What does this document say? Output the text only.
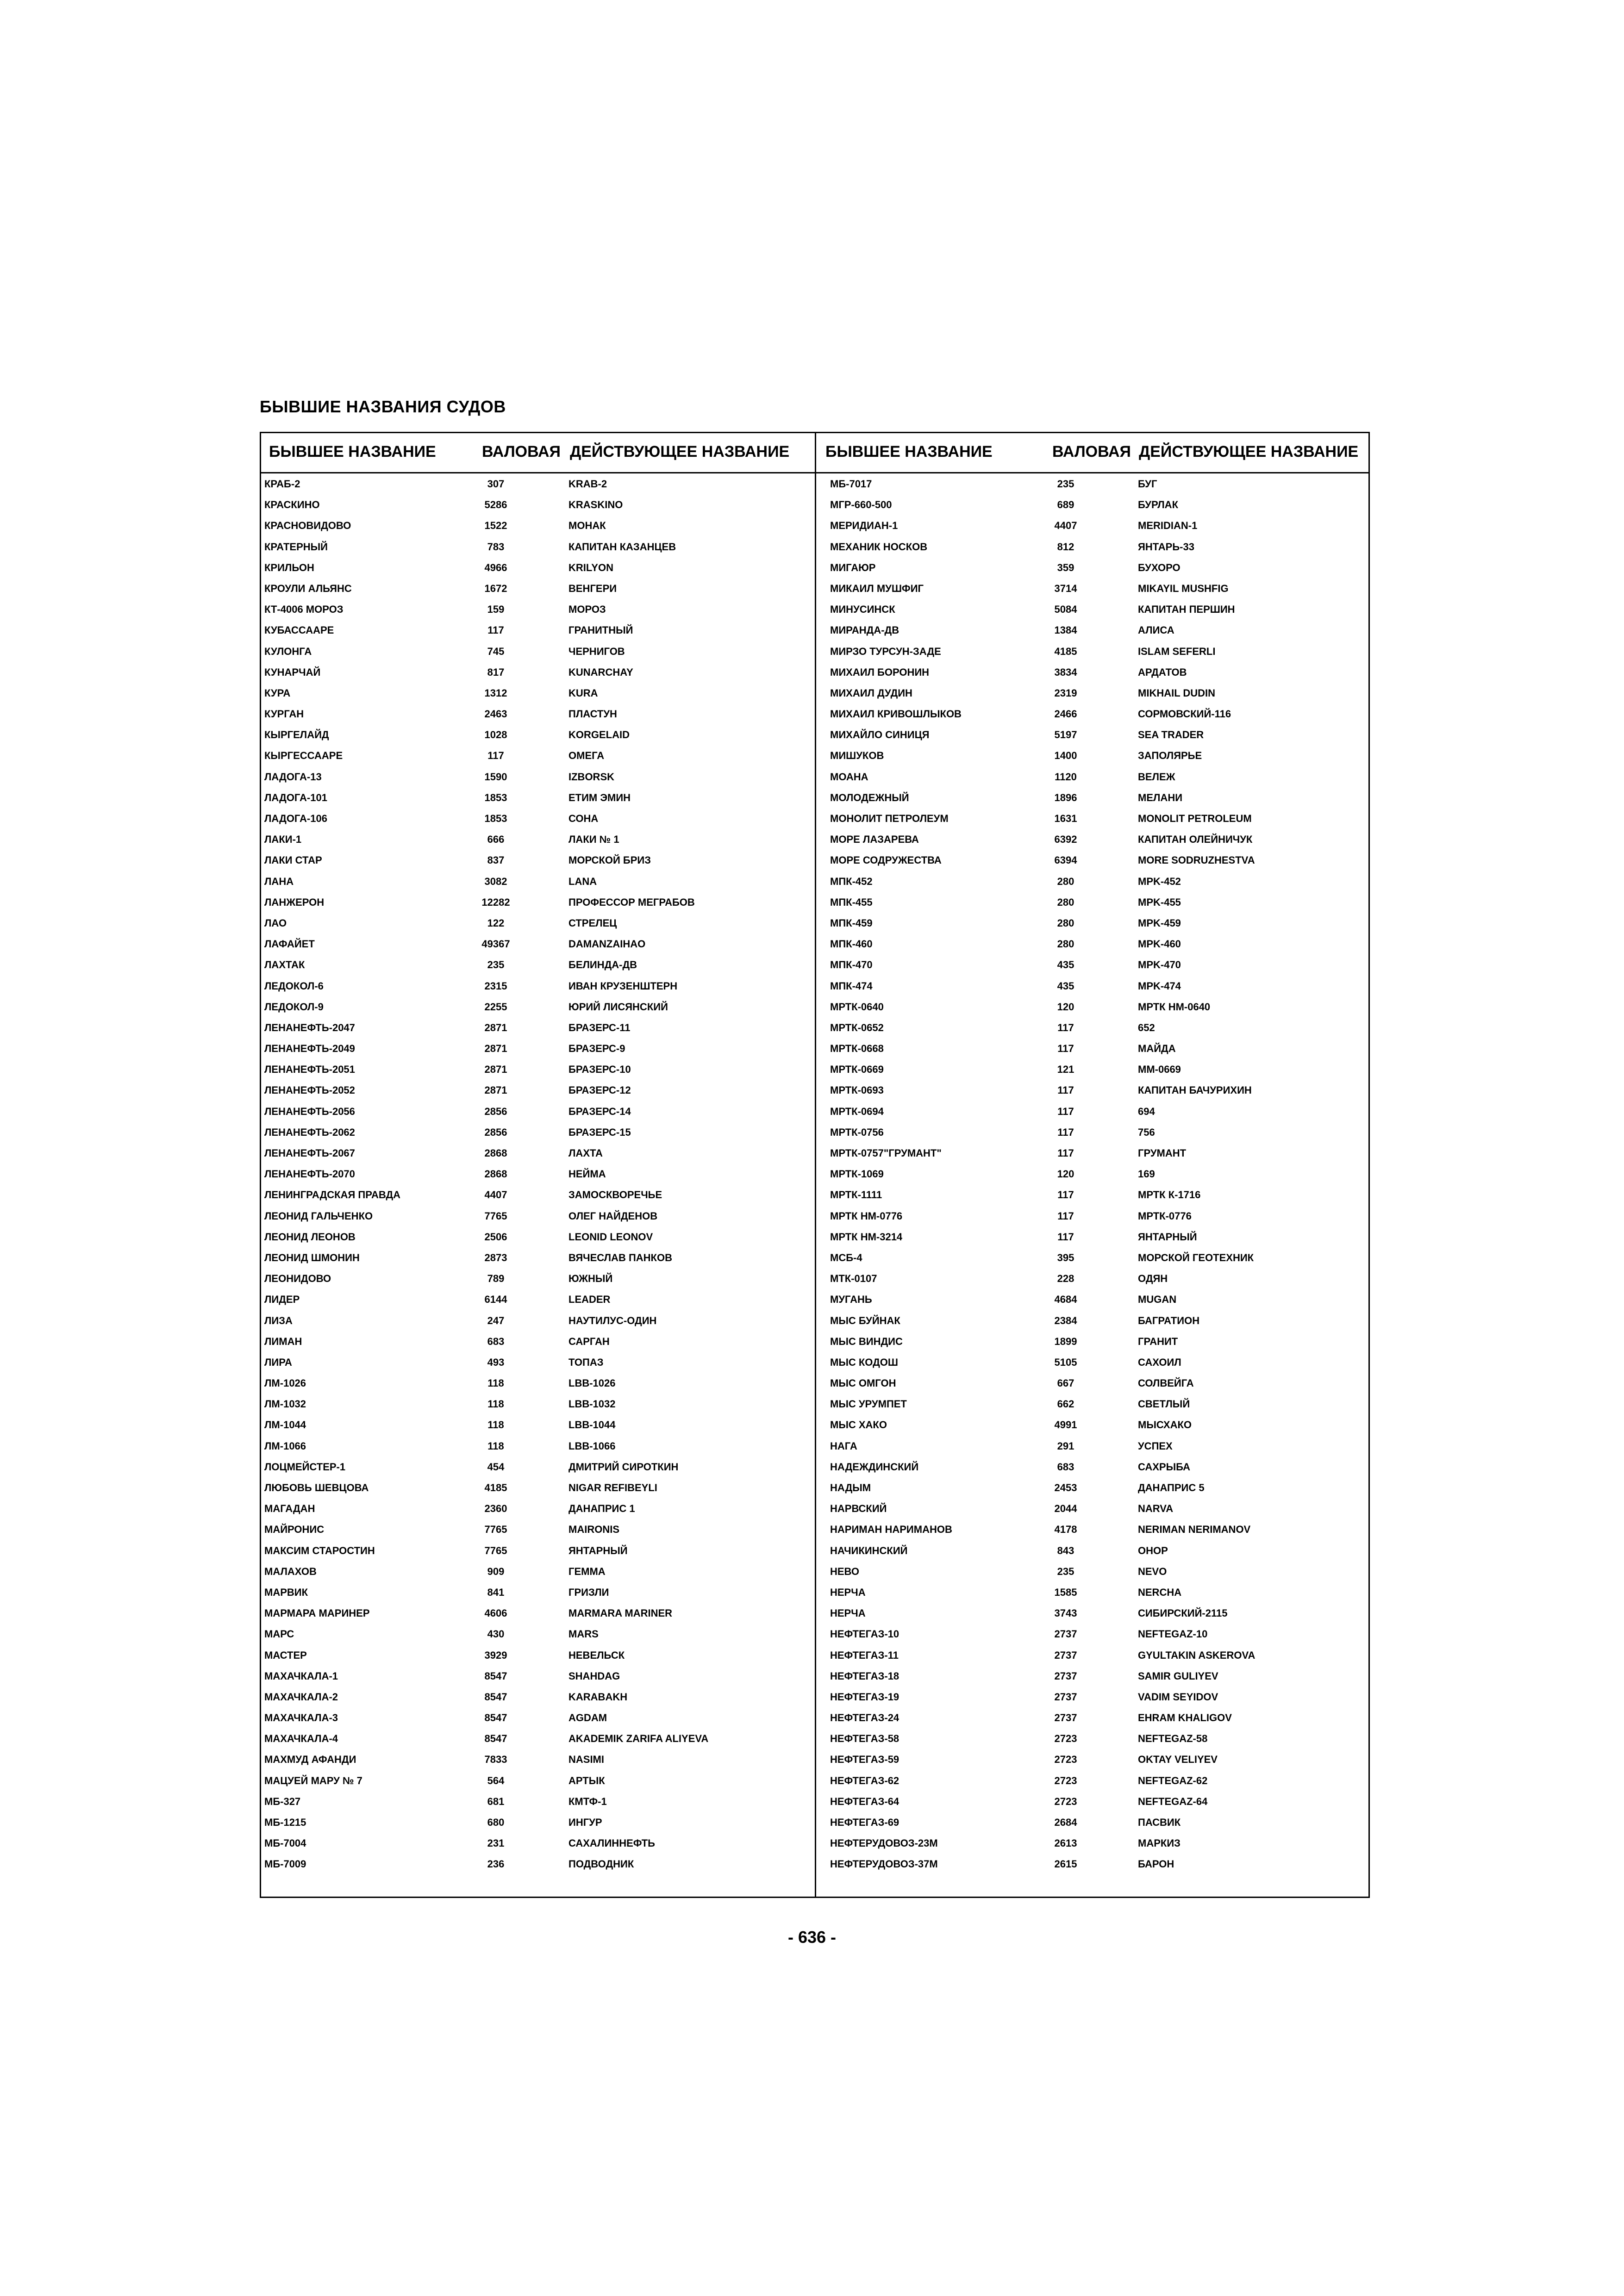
БЫВШИЕ НАЗВАНИЯ СУДОВ
БЫВШЕЕ НАЗВАНИЕ	ВАЛОВАЯ ДЕЙСТВУЮЩЕЕ НАЗВАНИЕ
КРАБ-2	307	KRAB-2
КРАСКИНО	5286	KRASKINO
КРАСНОВИДОВО	1522	МОНАК
КРАТЕРНЫЙ	783	КАПИТАН КАЗАНЦЕВ
КРИЛЬОН	4966	KRILYON
КРОУЛИ АЛЬЯНС	1672	ВЕНГЕРИ
КТ-4006 МОРОЗ	159	МОРОЗ
КУБАССААРЕ	117	ГРАНИТНЫЙ
КУЛОНГА	745	ЧЕРНИГОВ
КУНАРЧАЙ	817	KUNARCHAY
КУРА	1312	KURA
КУРГАН	2463	ПЛАСТУН
КЫРГЕЛАЙД	1028	KORGELAID
КЫРГЕССААРЕ	117	ОМЕГА
ЛАДОГА-13	1590	IZBORSK
ЛАДОГА-101	1853	ЕТИМ ЭМИН
ЛАДОГА-106	1853	СОНА
ЛАКИ-1	666	ЛАКИ № 1
ЛАКИ СТАР	837	МОРСКОЙ БРИЗ
ЛАНА	3082	LANA
ЛАНЖЕРОН	12282	ПРОФЕССОР МЕГРАБОВ
ЛАО	122	СТРЕЛЕЦ
ЛАФАЙЕТ	49367	DAMANZAIHAO
ЛАХТАК	235	БЕЛИНДА-ДВ
ЛЕДОКОЛ-6	2315	ИВАН КРУЗЕНШТЕРН
ЛЕДОКОЛ-9	2255	ЮРИЙ ЛИСЯНСКИЙ
ЛЕНАНЕФТЬ-2047	2871	БРАЗЕРС-11
ЛЕНАНЕФТЬ-2049	2871	БРАЗЕРС-9
ЛЕНАНЕФТЬ-2051	2871	БРАЗЕРС-10
ЛЕНАНЕФТЬ-2052	2871	БРАЗЕРС-12
ЛЕНАНЕФТЬ-2056	2856	БРАЗЕРС-14
ЛЕНАНЕФТЬ-2062	2856	БРАЗЕРС-15
ЛЕНАНЕФТЬ-2067	2868	ЛАХТА
ЛЕНАНЕФТЬ-2070	2868	НЕЙМА
ЛЕНИНГРАДСКАЯ ПРАВДА	4407	ЗАМОСКВОРЕЧЬЕ
ЛЕОНИД ГАЛЬЧЕНКО	7765	ОЛЕГ НАЙДЕНОВ
ЛЕОНИД ЛЕОНОВ	2506	LEONID LEONOV
ЛЕОНИД ШМОНИН	2873	ВЯЧЕСЛАВ ПАНКОВ
ЛЕОНИДОВО	789	ЮЖНЫЙ
ЛИДЕР	6144	LEADER
ЛИЗА	247	НАУТИЛУС-ОДИН
ЛИМАН	683	САРГАН
ЛИРА	493	ТОПАЗ
ЛМ-1026	118	LBB-1026
ЛМ-1032	118	LBB-1032
ЛМ-1044	118	LBB-1044
ЛМ-1066	118	LBB-1066
ЛОЦМЕЙСТЕР-1	454	ДМИТРИЙ СИРОТКИН
ЛЮБОВЬ ШЕВЦОВА	4185	NIGAR REFIBEYLI
МАГАДАН	2360	ДАНАПРИС 1
МАЙРОНИС	7765	MAIRONIS
МАКСИМ СТАРОСТИН	7765	ЯНТАРНЫЙ
МАЛАХОВ	909	ГЕММА
МАРВИК	841	ГРИЗЛИ
МАРМАРА МАРИНЕР	4606	MARMARA MARINER
МАРС	430	MARS
МАСТЕР	3929	НЕВЕЛЬСК
МАХАЧКАЛА-1	8547	SHAHDAG
МАХАЧКАЛА-2	8547	KARABAKH
МАХАЧКАЛА-3	8547	AGDAM
МАХАЧКАЛА-4	8547	AKADEMIK ZARIFA ALIYEVA
МАХМУД АФАНДИ	7833	NASIMI
МАЦУЕЙ МАРУ № 7	564	АРТЫК
МБ-327	681	КМТФ-1
МБ-1215	680	ИНГУР
МБ-7004	231	САХАЛИННЕФТЬ
МБ-7009	236	ПОДВОДНИК
БЫВШЕЕ НАЗВАНИЕ	ВАЛОВАЯ ДЕЙСТВУЮЩЕЕ НАЗВАНИЕ
МБ-7017	235	БУГ
МГР-660-500	689	БУРЛАК
МЕРИДИАН-1	4407	MERIDIAN-1
МЕХАНИК НОСКОВ	812	ЯНТАРЬ-33
МИГАЮР	359	БУХОРО
МИКАИЛ МУШФИГ	3714	MIKAYIL MUSHFIG
МИНУСИНСК	5084	КАПИТАН ПЕРШИН
МИРАНДА-ДВ	1384	АЛИСА
МИРЗО ТУРСУН-ЗАДЕ	4185	ISLAM SEFERLI
МИХАИЛ БОРОНИН	3834	АРДАТОВ
МИХАИЛ ДУДИН	2319	MIKHAIL DUDIN
МИХАИЛ КРИВОШЛЫКОВ	2466	СОРМОВСКИЙ-116
МИХАЙЛО СИНИЦЯ	5197	SEA TRADER
МИШУКОВ	1400	ЗАПОЛЯРЬЕ
МОАНА	1120	ВЕЛЕЖ
МОЛОДЕЖНЫЙ	1896	МЕЛАНИ
МОНОЛИТ ПЕТРОЛЕУМ	1631	MONOLIT PETROLEUM
МОРЕ ЛАЗАРЕВА	6392	КАПИТАН ОЛЕЙНИЧУК
МОРЕ СОДРУЖЕСТВА	6394	MORE SODRUZHESTVA
МПК-452	280	MPK-452
МПК-455	280	MPK-455
МПК-459	280	MPK-459
МПК-460	280	MPK-460
МПК-470	435	MPK-470
МПК-474	435	MPK-474
МРТК-0640	120	МРТК НМ-0640
МРТК-0652	117	652
МРТК-0668	117	МАЙДА
МРТК-0669	121	ММ-0669
МРТК-0693	117	КАПИТАН БАЧУРИХИН
МРТК-0694	117	694
МРТК-0756	117	756
МРТК-0757"ГРУМАНТ"	117	ГРУМАНТ
МРТК-1069	120	169
МРТК-1111	117	МРТК К-1716
МРТК НМ-0776	117	МРТК-0776
МРТК НМ-3214	117	ЯНТАРНЫЙ
МСБ-4	395	МОРСКОЙ ГЕОТЕХНИК
МТК-0107	228	ОДЯН
МУГАНЬ	4684	MUGAN
МЫС БУЙНАК	2384	БАГРАТИОН
МЫС ВИНДИС	1899	ГРАНИТ
МЫС КОДОШ	5105	САХОИЛ
МЫС ОМГОН	667	СОЛВЕЙГА
МЫС УРУМПЕТ	662	СВЕТЛЫЙ
МЫС ХАКО	4991	МЫСХАКО
НАГА	291	УСПЕХ
НАДЕЖДИНСКИЙ	683	САХРЫБА
НАДЫМ	2453	ДАНАПРИС 5
НАРВСКИЙ	2044	NARVA
НАРИМАН НАРИМАНОВ	4178	NERIMAN NERIMANOV
НАЧИКИНСКИЙ	843	ОНОР
НЕВО	235	NEVO
НЕРЧА	1585	NERCHA
НЕРЧА	3743	СИБИРСКИЙ-2115
НЕФТЕГАЗ-10	2737	NEFTEGAZ-10
НЕФТЕГАЗ-11	2737	GYULTAKIN ASKEROVA
НЕФТЕГАЗ-18	2737	SAMIR GULIYEV
НЕФТЕГАЗ-19	2737	VADIM SEYIDOV
НЕФТЕГАЗ-24	2737	EHRAM KHALIGOV
НЕФТЕГАЗ-58	2723	NEFTEGAZ-58
НЕФТЕГАЗ-59	2723	OKTAY VELIYEV
НЕФТЕГАЗ-62	2723	NEFTEGAZ-62
НЕФТЕГАЗ-64	2723	NEFTEGAZ-64
НЕФТЕГАЗ-69	2684	ПАСВИК
НЕФТЕРУДОВОЗ-23М	2613	МАРКИЗ
НЕФТЕРУДОВОЗ-37М	2615	БАРОН
- 636 -
